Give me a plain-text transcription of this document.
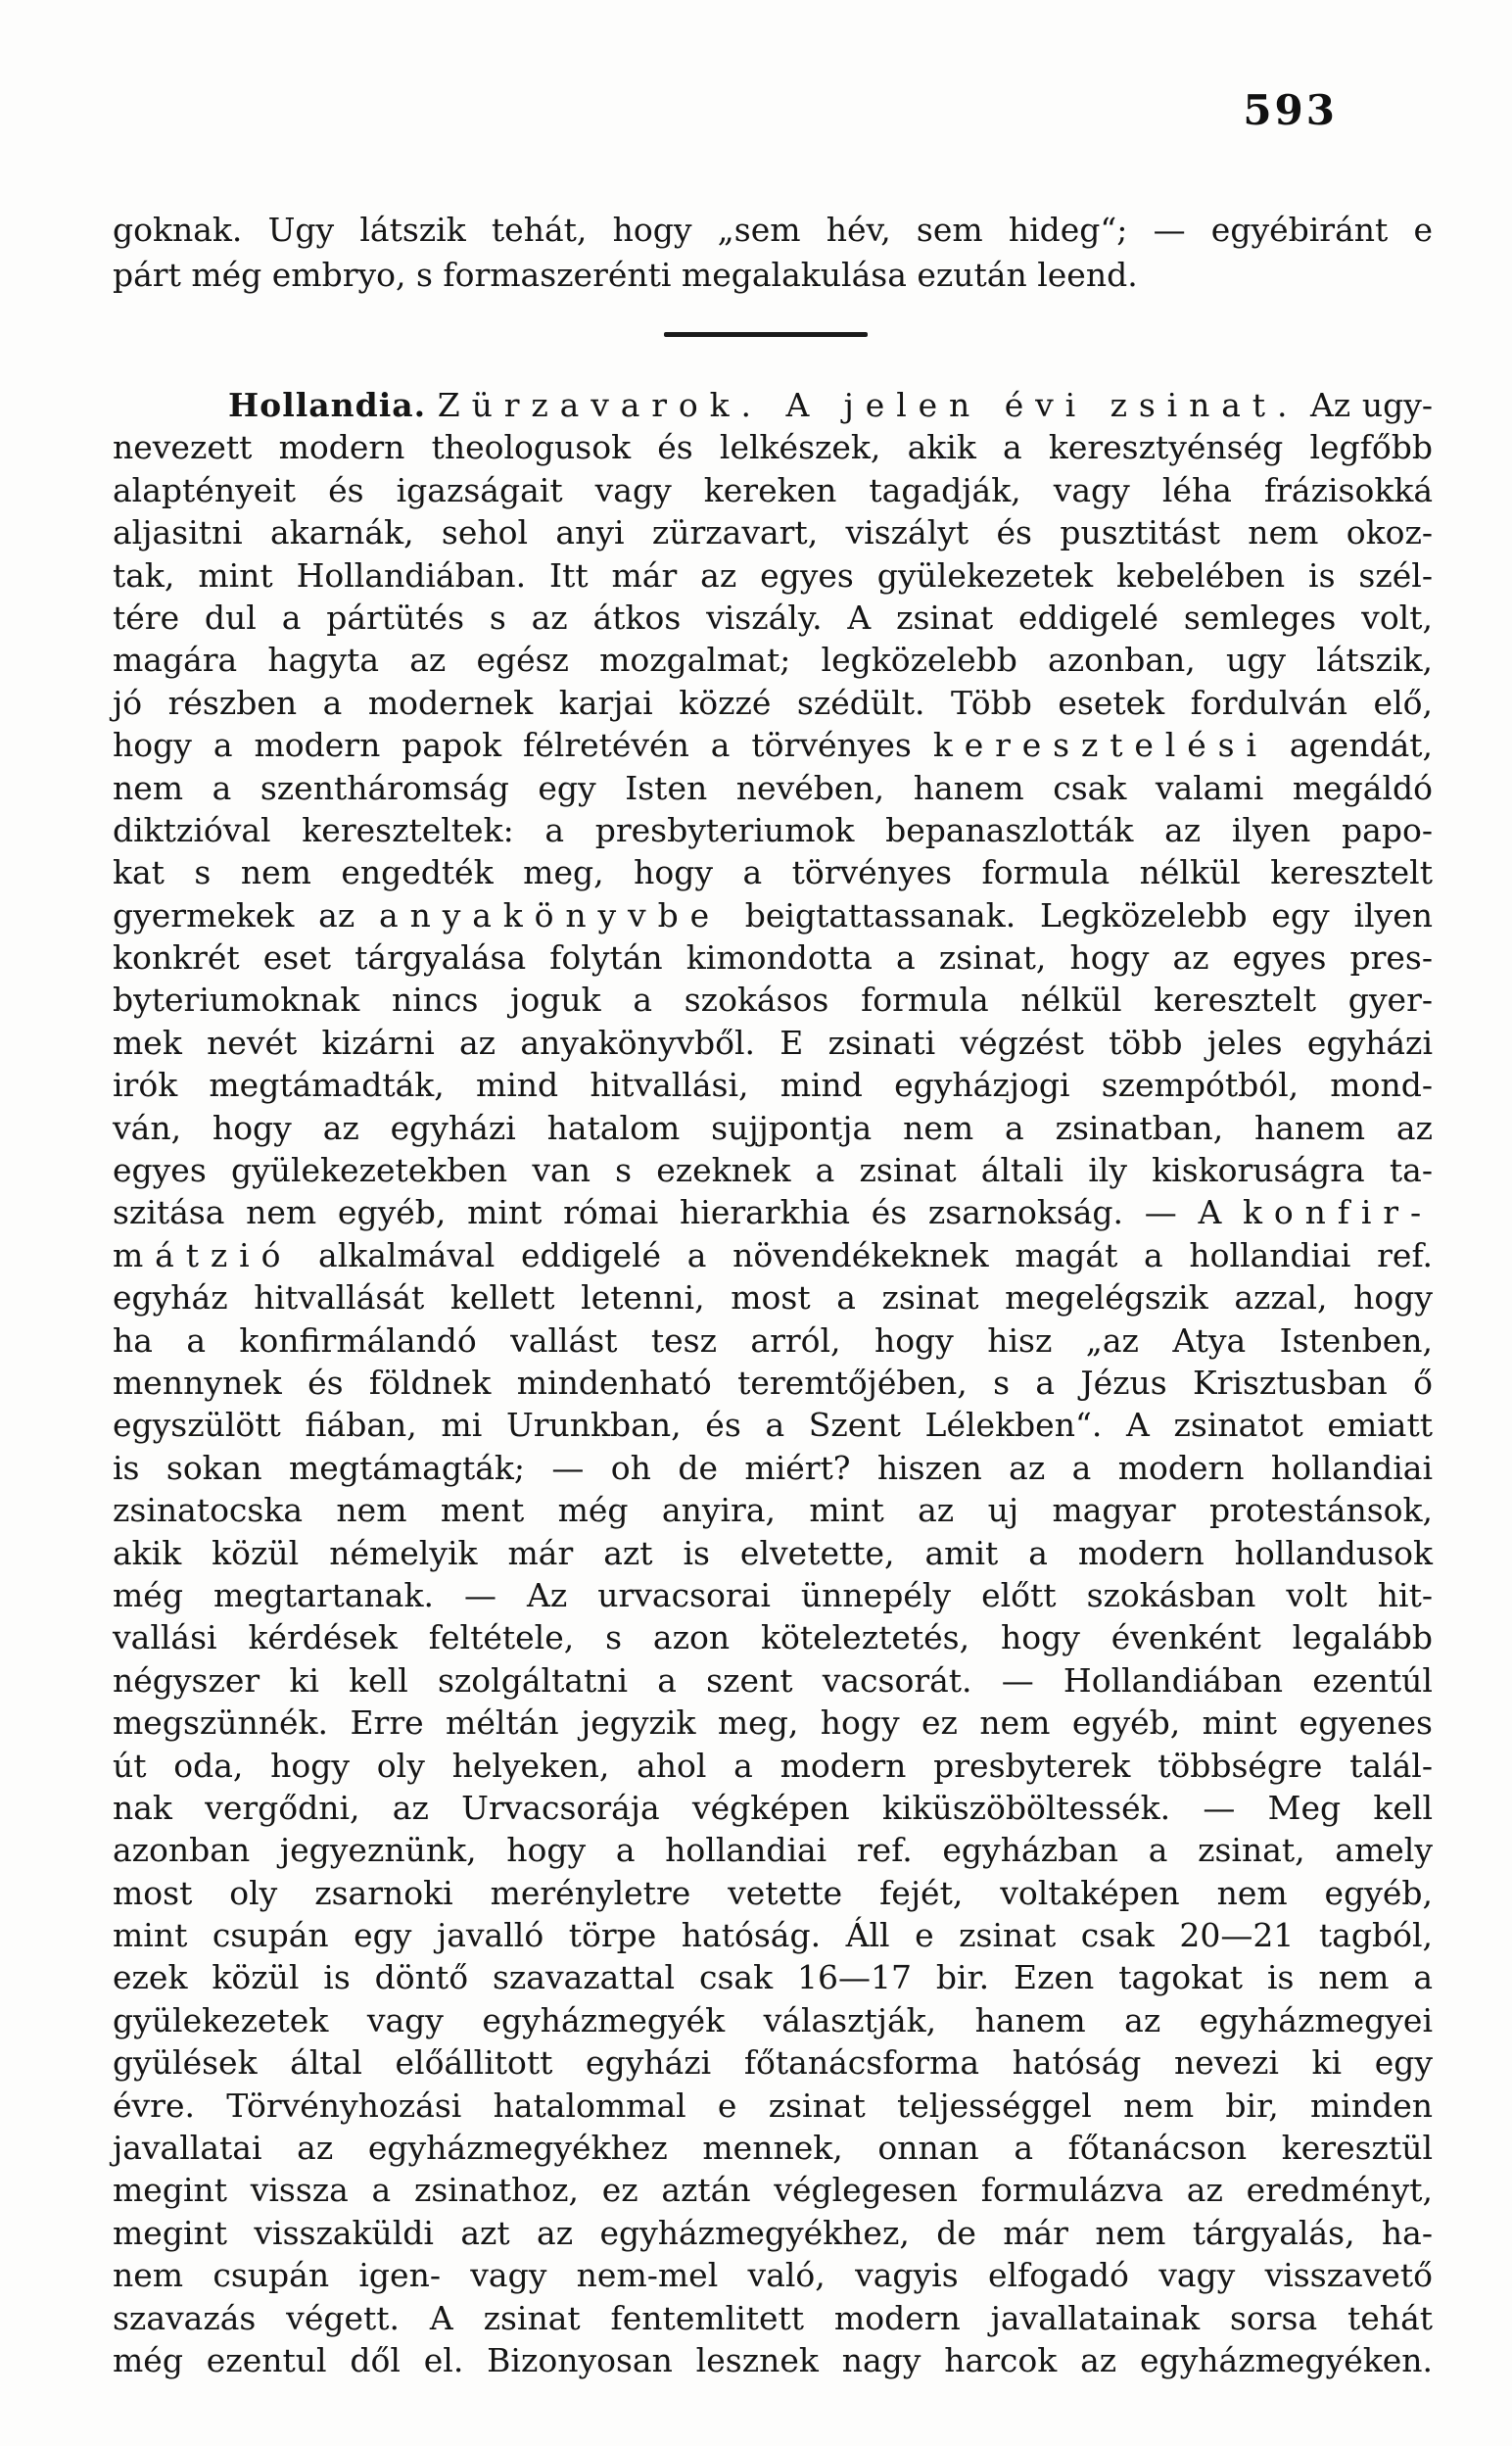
593
goknak. Ugy látszik tehát, hogy „sem hév, sem hideg“; — egyébiránt e
párt még embryo, s formaszerénti megalakulása ezután leend.
Hollandia. Zürzavarok. A jelen évi zsinat. Az ugy-
nevezett modern theologusok és lelkészek, akik a keresztyénség legfőbb
alaptényeit és igazságait vagy kereken tagadják, vagy léha frázisokká
aljasitni akarnák, sehol anyi zürzavart, viszályt és pusztitást nem okoz-
tak, mint Hollandiában. Itt már az egyes gyülekezetek kebelében is szél-
tére dul a pártütés s az átkos viszály. A zsinat eddigelé semleges volt,
magára hagyta az egész mozgalmat; legközelebb azonban, ugy látszik,
jó részben a modernek karjai közzé szédült. Több esetek fordulván elő,
hogy a modern papok félretévén a törvényes keresztelési agendát,
nem a szentháromság egy Isten nevében, hanem csak valami megáldó
diktzióval kereszteltek: a presbyteriumok bepanaszlották az ilyen papo-
kat s nem engedték meg, hogy a törvényes formula nélkül keresztelt
gyermekek az anyakönyvbe beigtattassanak. Legközelebb egy ilyen
konkrét eset tárgyalása folytán kimondotta a zsinat, hogy az egyes pres-
byteriumoknak nincs joguk a szokásos formula nélkül keresztelt gyer-
mek nevét kizárni az anyakönyvből. E zsinati végzést több jeles egyházi
irók megtámadták, mind hitvallási, mind egyházjogi szempótból, mond-
ván, hogy az egyházi hatalom sujjpontja nem a zsinatban, hanem az
egyes gyülekezetekben van s ezeknek a zsinat általi ily kiskoruságra ta-
szitása nem egyéb, mint római hierarkhia és zsarnokság. — A konfir-
mátzió alkalmával eddigelé a növendékeknek magát a hollandiai ref.
egyház hitvallását kellett letenni, most a zsinat megelégszik azzal, hogy
ha a konfirmálandó vallást tesz arról, hogy hisz „az Atya Istenben,
mennynek és földnek mindenható teremtőjében, s a Jézus Krisztusban ő
egyszülött fiában, mi Urunkban, és a Szent Lélekben“. A zsinatot emiatt
is sokan megtámagták; — oh de miért? hiszen az a modern hollandiai
zsinatocska nem ment még anyira, mint az uj magyar protestánsok,
akik közül némelyik már azt is elvetette, amit a modern hollandusok
még megtartanak. — Az urvacsorai ünnepély előtt szokásban volt hit-
vallási kérdések feltétele, s azon köteleztetés, hogy évenként legalább
négyszer ki kell szolgáltatni a szent vacsorát. — Hollandiában ezentúl
megszünnék. Erre méltán jegyzik meg, hogy ez nem egyéb, mint egyenes
út oda, hogy oly helyeken, ahol a modern presbyterek többségre talál-
nak vergődni, az Urvacsorája végképen kiküszöböltessék. — Meg kell
azonban jegyeznünk, hogy a hollandiai ref. egyházban a zsinat, amely
most oly zsarnoki merényletre vetette fejét, voltaképen nem egyéb,
mint csupán egy javalló törpe hatóság. Áll e zsinat csak 20—21 tagból,
ezek közül is döntő szavazattal csak 16—17 bir. Ezen tagokat is nem a
gyülekezetek vagy egyházmegyék választják, hanem az egyházmegyei
gyülések által előállitott egyházi főtanácsforma hatóság nevezi ki egy
évre. Törvényhozási hatalommal e zsinat teljességgel nem bir, minden
javallatai az egyházmegyékhez mennek, onnan a főtanácson keresztül
megint vissza a zsinathoz, ez aztán véglegesen formulázva az eredményt,
megint visszaküldi azt az egyházmegyékhez, de már nem tárgyalás, ha-
nem csupán igen- vagy nem-mel való, vagyis elfogadó vagy visszavető
szavazás végett. A zsinat fentemlitett modern javallatainak sorsa tehát
még ezentul dől el. Bizonyosan lesznek nagy harcok az egyházmegyéken.
